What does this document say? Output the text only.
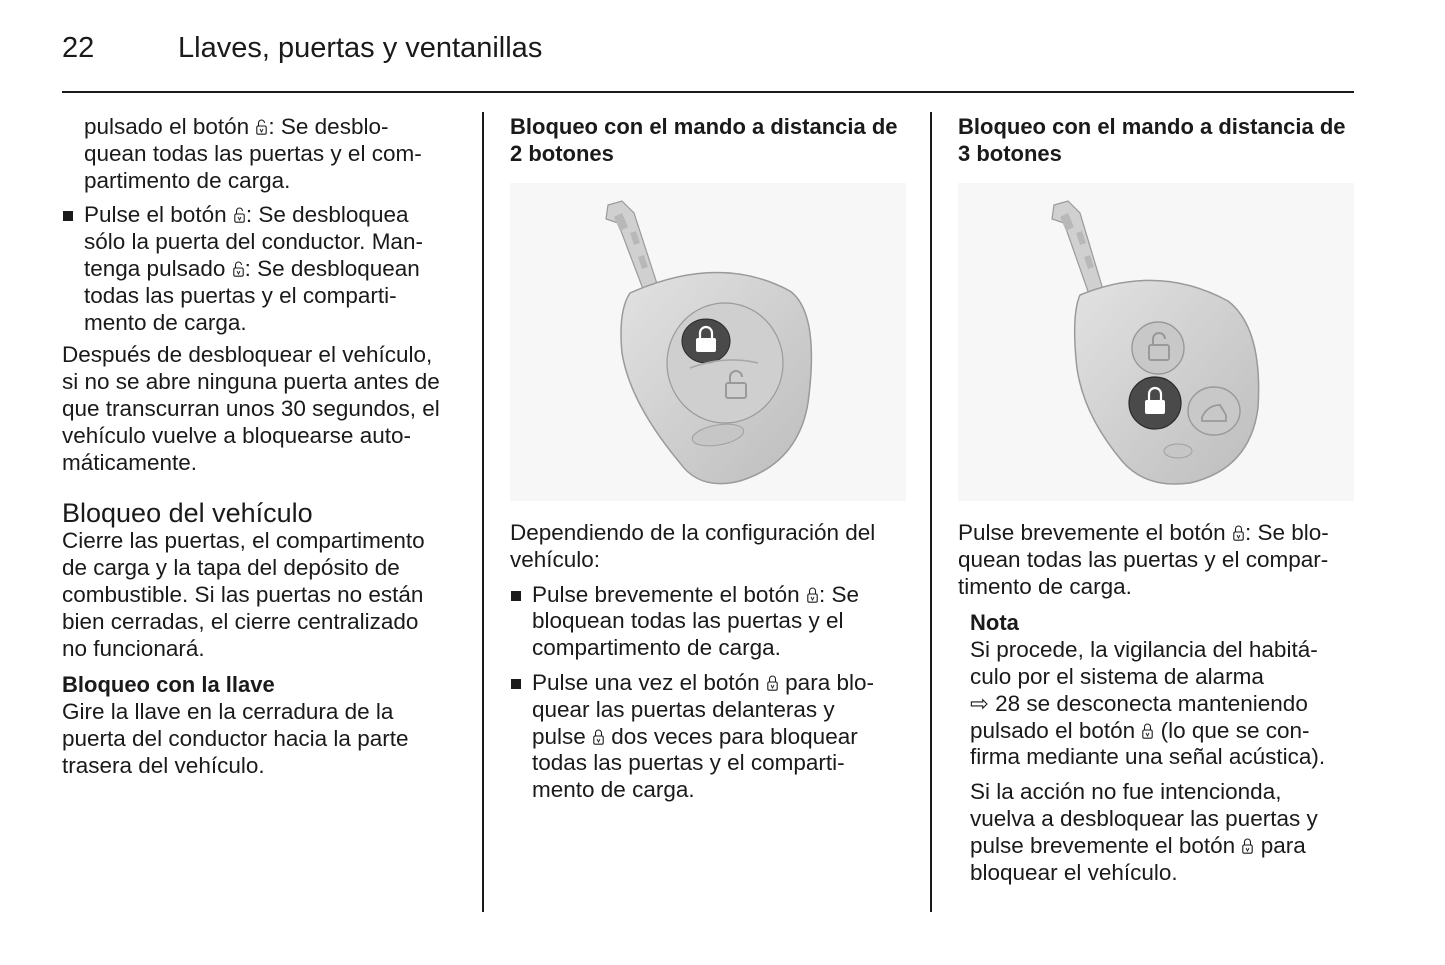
22	Llaves, puertas y ventanillas

pulsado el botón
: Se desblo-

quean todas las puertas y el com-

partimento de carga.

Pulse el botón
: Se desbloquea

sólo la puerta del conductor. Man-

tenga pulsado
: Se desbloquean

todas las puertas y el comparti-

mento de carga.

Después de desbloquear el vehículo,

si no se abre ninguna puerta antes de

que transcurran unos 30 segundos, el

vehículo vuelve a bloquearse auto-

máticamente.

Bloqueo del vehículo

Cierre las puertas, el compartimento

de carga y la tapa del depósito de

combustible. Si las puertas no están

bien cerradas, el cierre centralizado

no funcionará.

Bloqueo con la llave

Gire la llave en la cerradura de la

puerta del conductor hacia la parte

trasera del vehículo.

Bloqueo con el mando a distancia de
2 botones

Dependiendo de la configuración del

vehículo:

Pulse brevemente el botón
: Se

bloquean todas las puertas y el

compartimento de carga.

Pulse una vez el botón
para blo-

quear las puertas delanteras y

pulse
dos veces para bloquear

todas las puertas y el comparti-

mento de carga.

Bloqueo con el mando a distancia de
3 botones

Pulse brevemente el botón
: Se blo-

quean todas las puertas y el compar-

timento de carga.

Nota

Si procede, la vigilancia del habitá-

culo por el sistema de alarma

⇨ 28 se desconecta manteniendo

pulsado el botón
(lo que se con-

firma mediante una señal acústica).

Si la acción no fue intencionda,

vuelva a desbloquear las puertas y

pulse brevemente el botón
para

bloquear el vehículo.
